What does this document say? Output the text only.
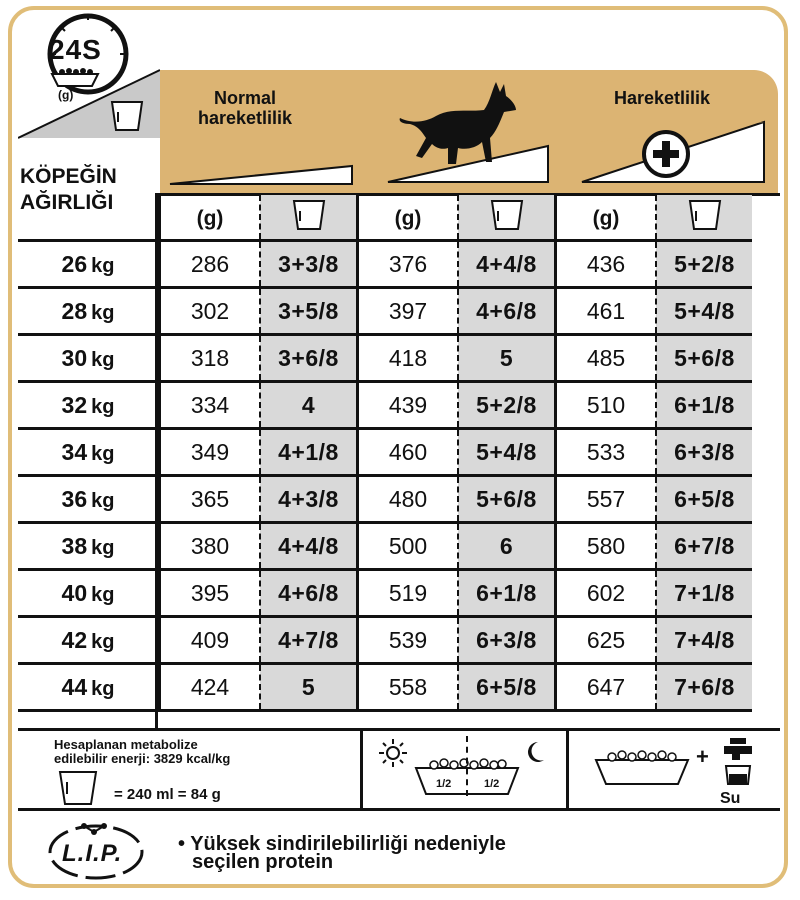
24S
(g)	Normal
hareketlilik
Hareketlilik
KÖPEĞİN
AĞIRLIĞI
	(g)		(g)		(g)	
26 kg	286	3+3/8	376	4+4/8	436	5+2/8
28 kg	302	3+5/8	397	4+6/8	461	5+4/8
30 kg	318	3+6/8	418	5	485	5+6/8
32 kg	334	4	439	5+2/8	510	6+1/8
34 kg	349	4+1/8	460	5+4/8	533	6+3/8
36 kg	365	4+3/8	480	5+6/8	557	6+5/8
38 kg	380	4+4/8	500	6	580	6+7/8
40 kg	395	4+6/8	519	6+1/8	602	7+1/8
42 kg	409	4+7/8	539	6+3/8	625	7+4/8
44 kg	424	5	558	6+5/8	647	7+6/8
Hesaplanan metabolize
edilebilir enerji: 3829 kcal/kg
= 240 ml = 84 g
1/2	1/2
+
Su
L.I.P.	• Yüksek sindirilebilirliği nedeniyle
seçilen protein
